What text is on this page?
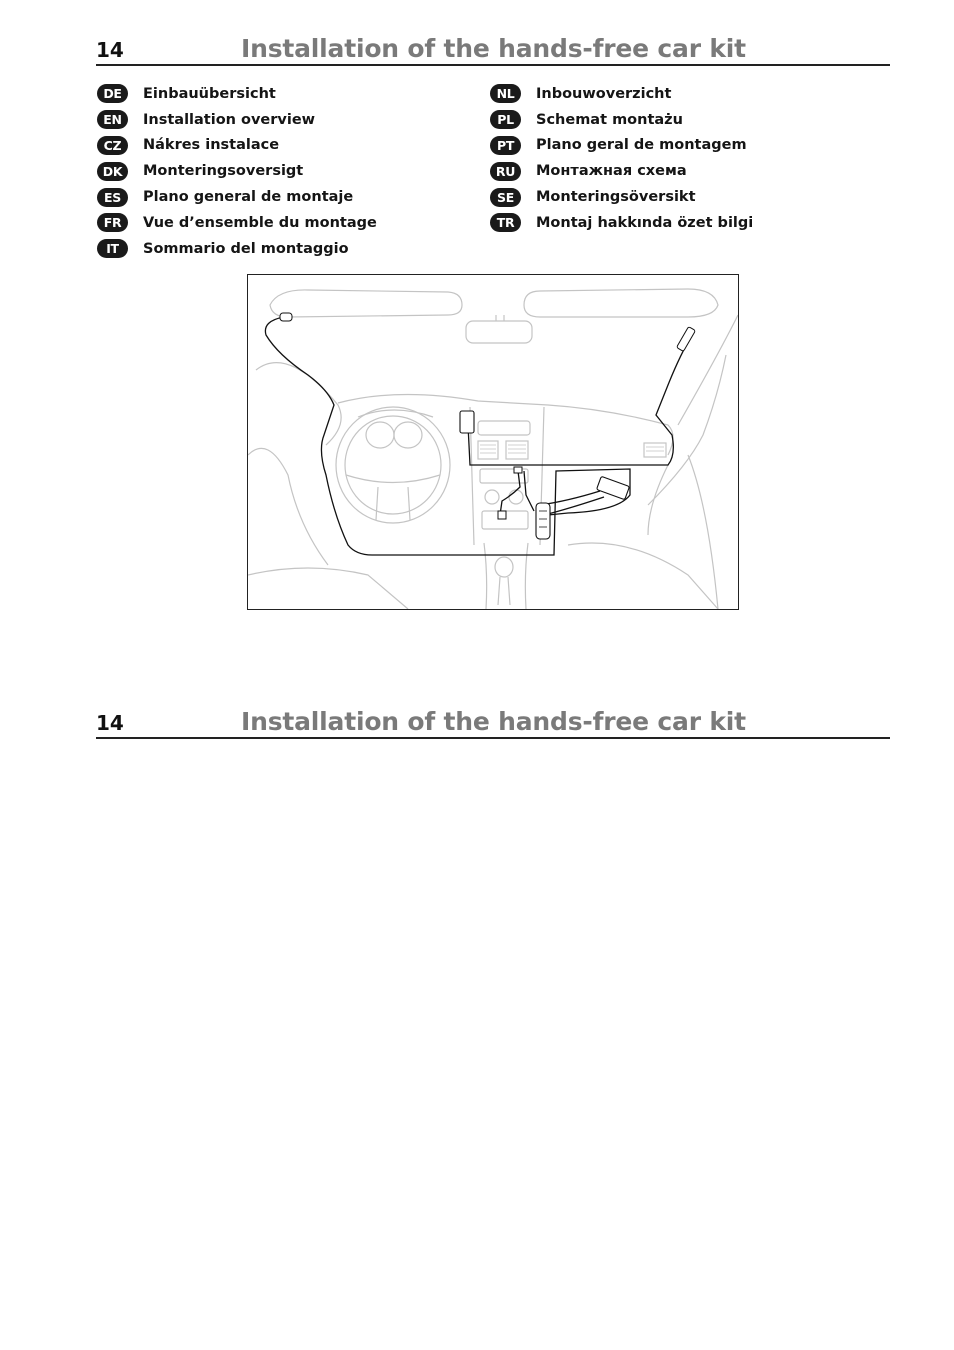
14	Installation of the hands-free car kit
DE	Einbauübersicht
EN	Installation overview
CZ	Nákres instalace
DK	Monteringsoversigt
ES	Plano general de montaje
FR	Vue d’ensemble du montage
IT	Sommario del montaggio
NL	Inbouwoverzicht
PL	Schemat montażu
PT	Plano geral de montagem
RU	Монтажная схема
SE	Monteringsöversikt
TR	Montaj hakkında özet bilgi
14	Installation of the hands-free car kit
